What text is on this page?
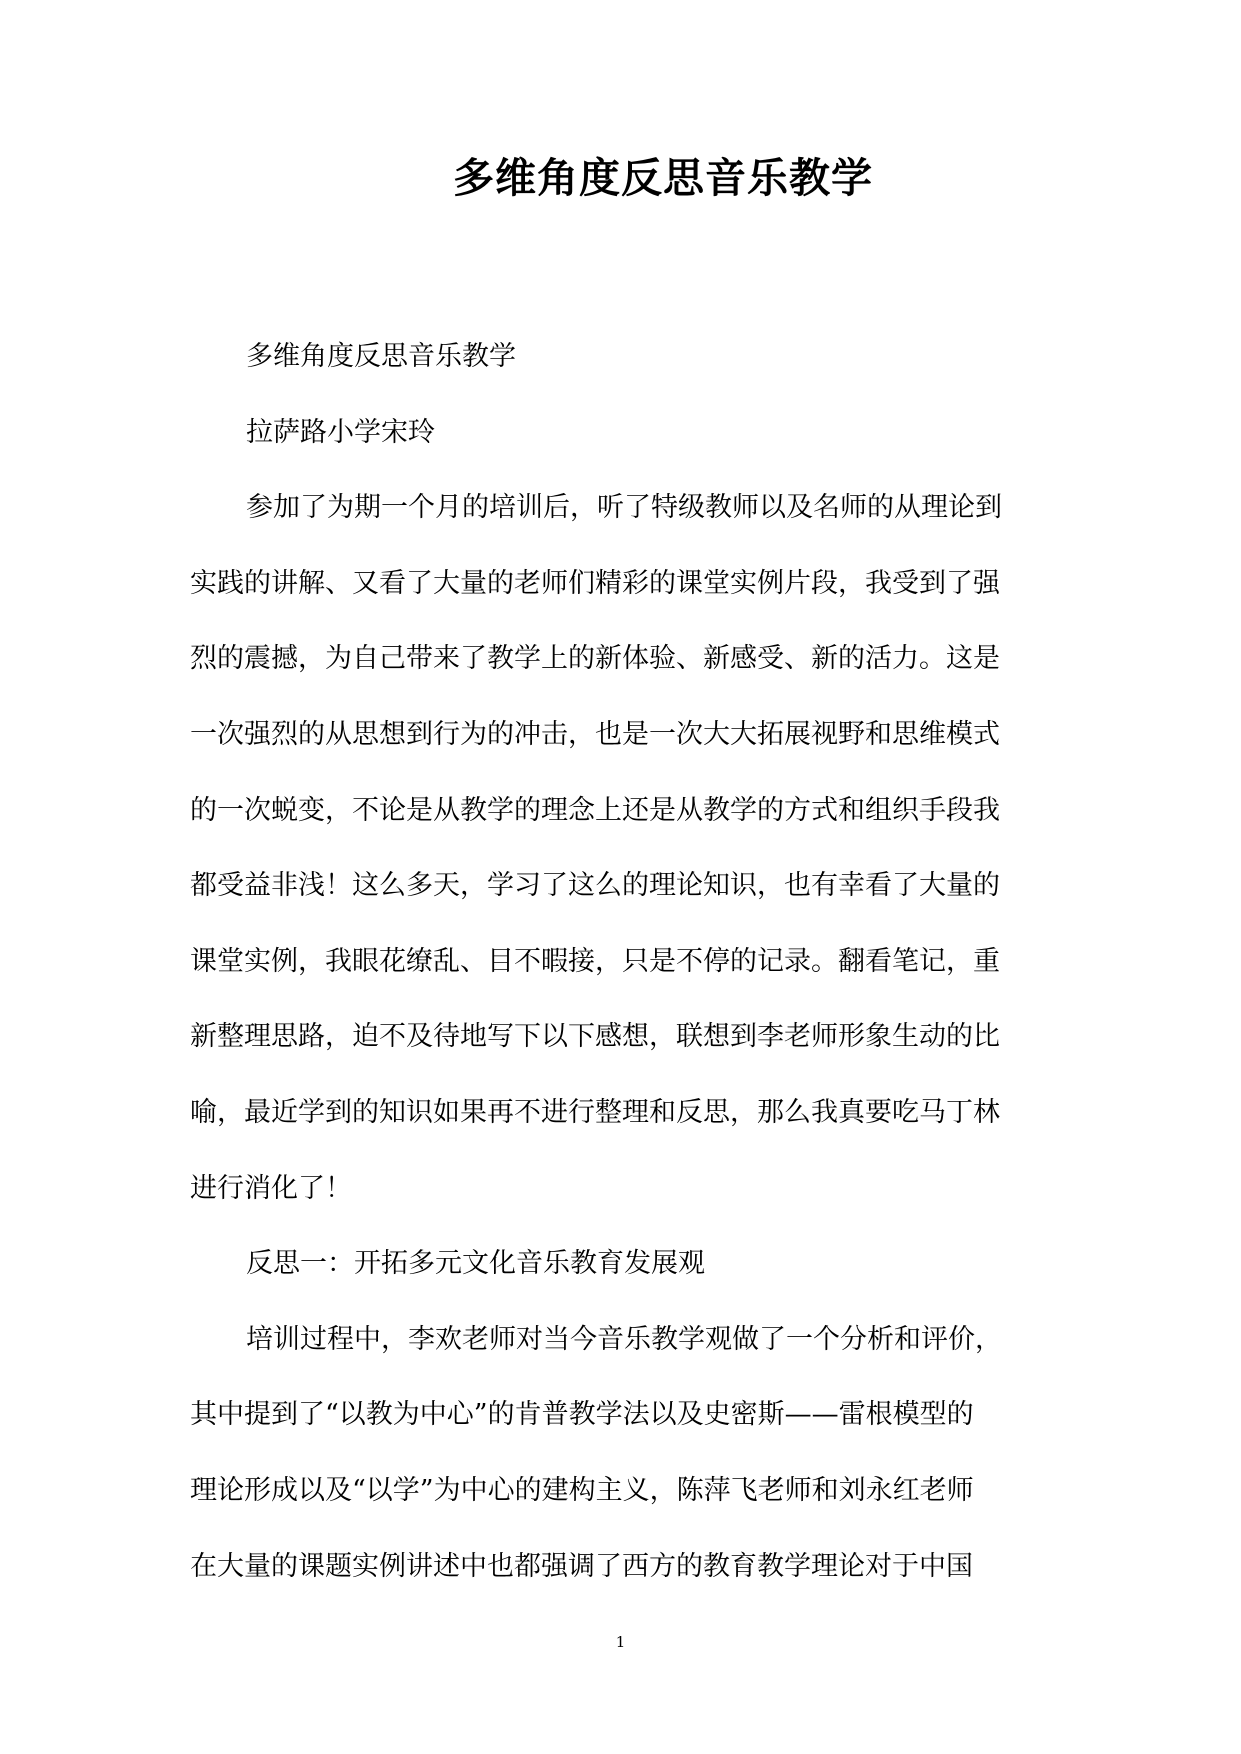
多维角度反思音乐教学
多维角度反思音乐教学
拉萨路小学宋玲
参加了为期一个月的培训后，听了特级教师以及名师的从理论到
实践的讲解、又看了大量的老师们精彩的课堂实例片段，我受到了强
烈的震撼，为自己带来了教学上的新体验、新感受、新的活力。这是
一次强烈的从思想到行为的冲击，也是一次大大拓展视野和思维模式
的一次蜕变，不论是从教学的理念上还是从教学的方式和组织手段我
都受益非浅！这么多天，学习了这么的理论知识，也有幸看了大量的
课堂实例，我眼花缭乱、目不暇接，只是不停的记录。翻看笔记，重
新整理思路，迫不及待地写下以下感想，联想到李老师形象生动的比
喻，最近学到的知识如果再不进行整理和反思，那么我真要吃马丁林
进行消化了！
反思一：开拓多元文化音乐教育发展观
培训过程中，李欢老师对当今音乐教学观做了一个分析和评价，
其中提到了“以教为中心”的肯普教学法以及史密斯——雷根模型的
理论形成以及“以学”为中心的建构主义，陈萍飞老师和刘永红老师
在大量的课题实例讲述中也都强调了西方的教育教学理论对于中国
1
